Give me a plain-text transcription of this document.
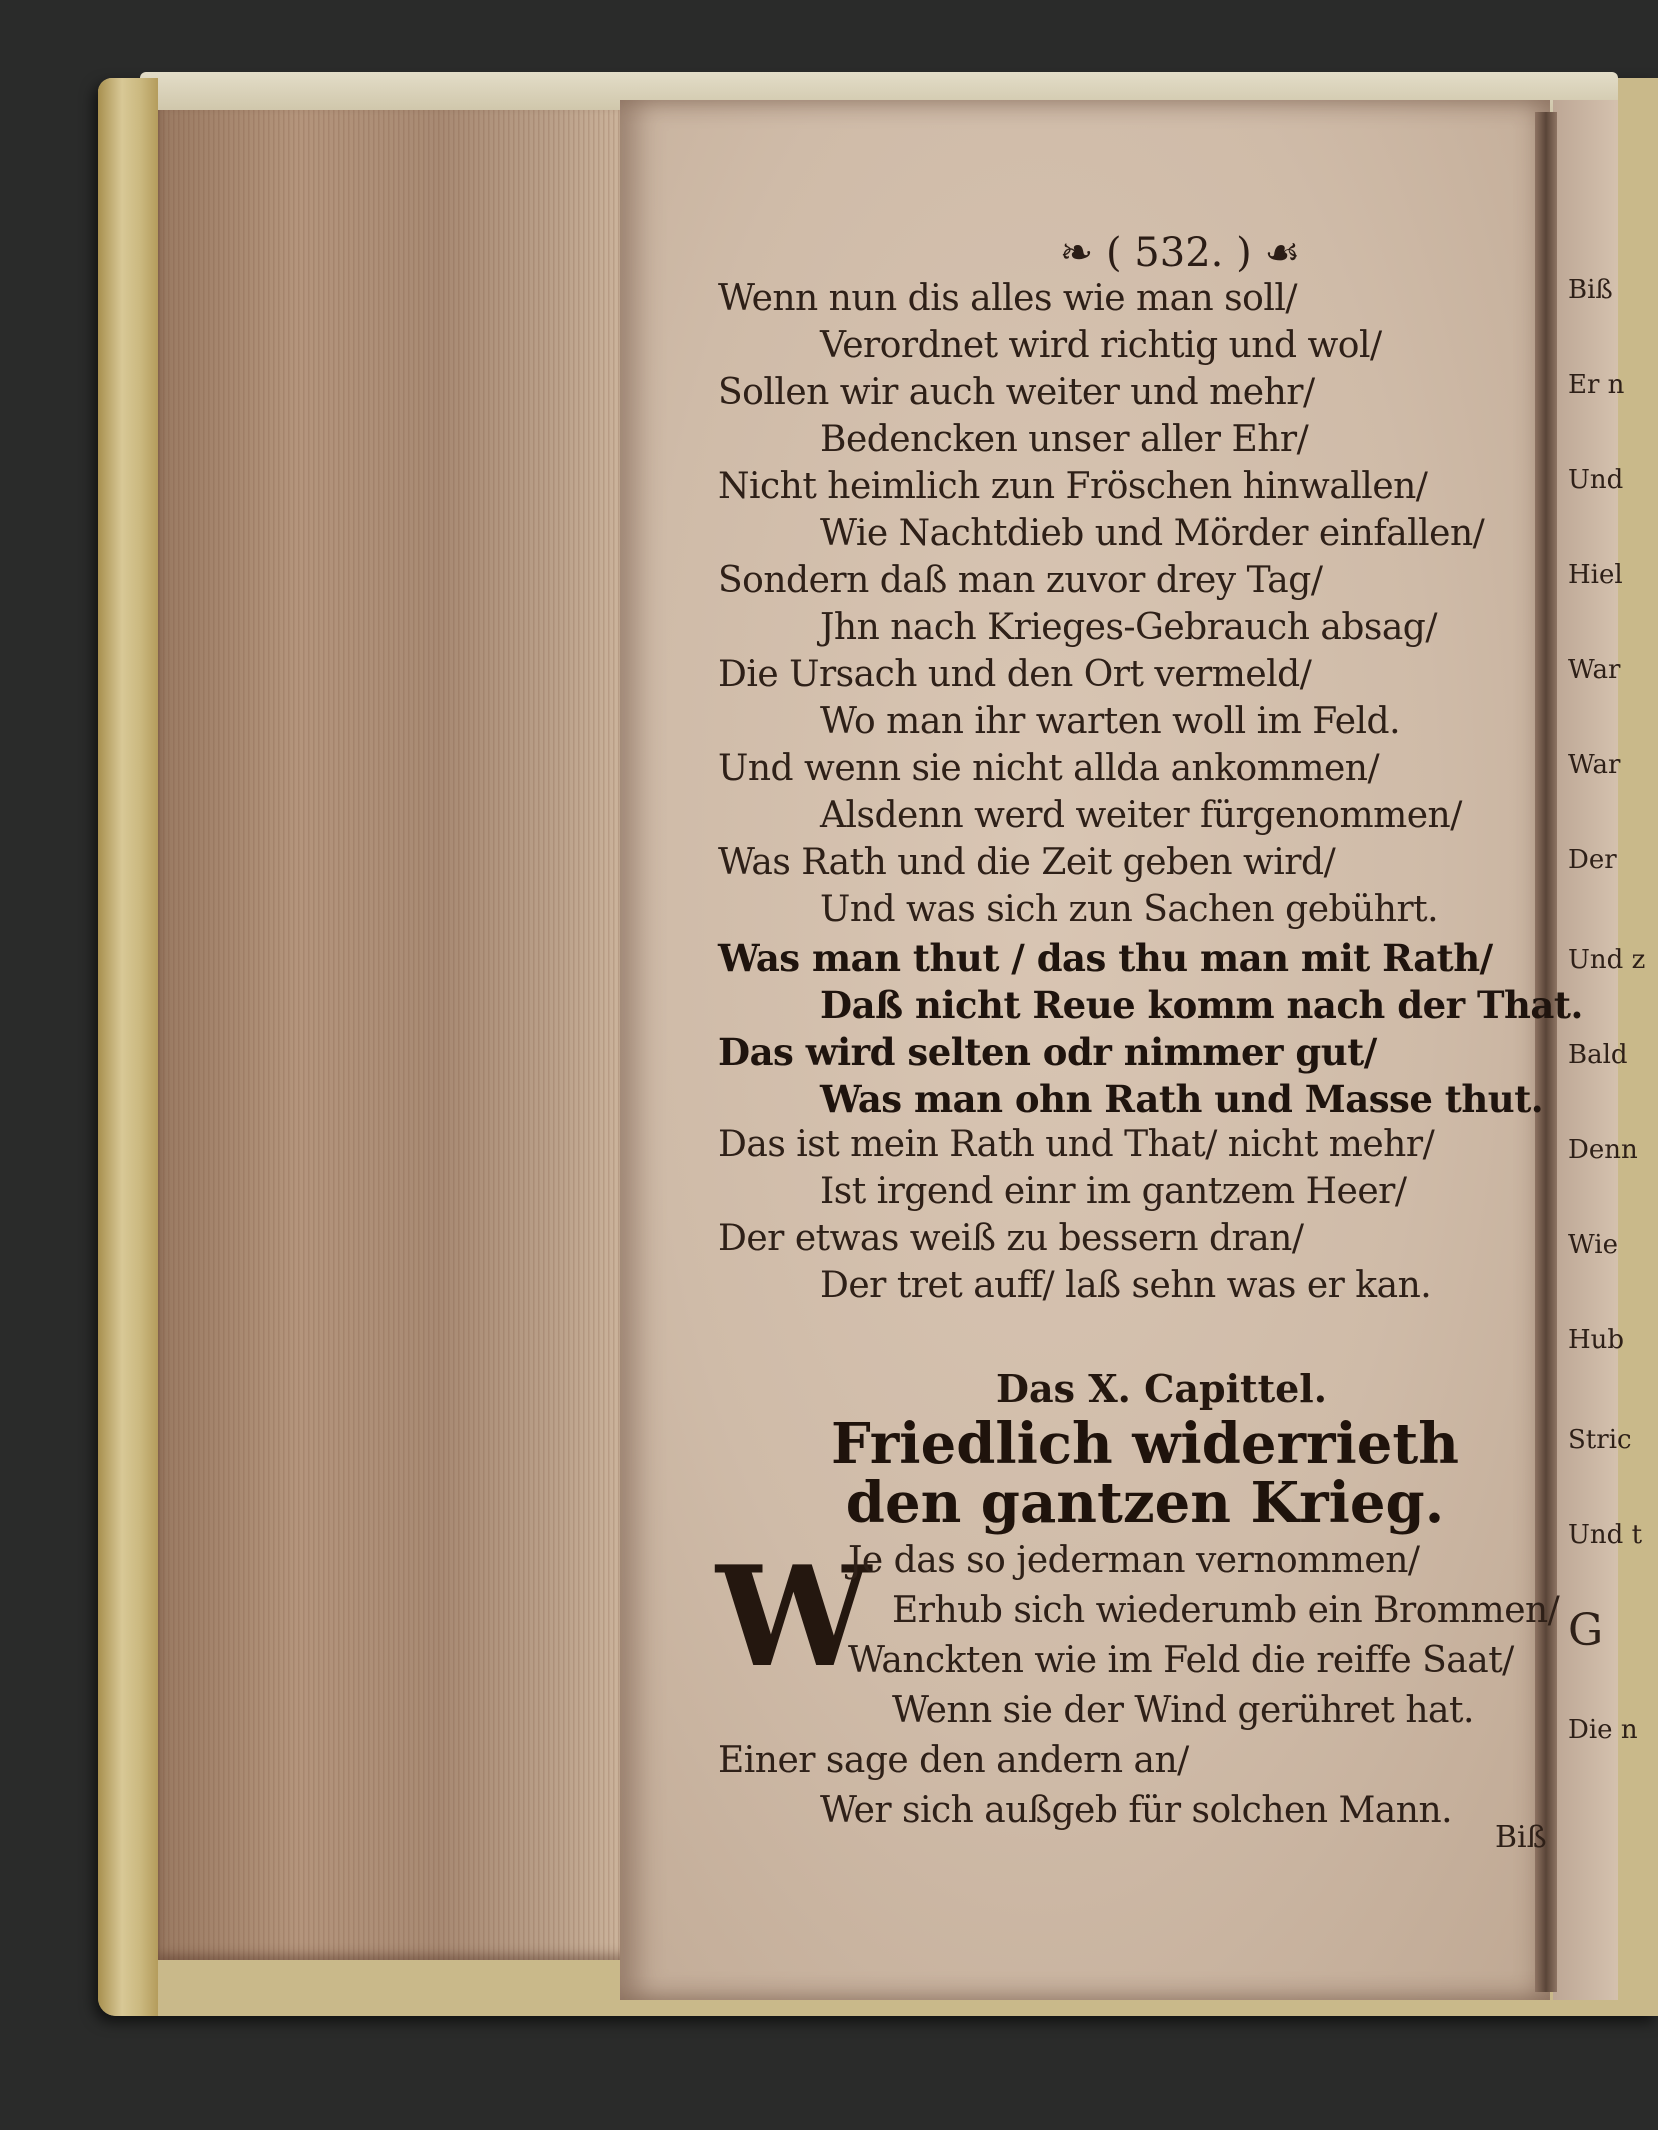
❧ ( 532. ) ☙
Wenn nun dis alles wie man soll/
Verordnet wird richtig und wol/
Sollen wir auch weiter und mehr/
Bedencken unser aller Ehr/
Nicht heimlich zun Fröschen hinwallen/
Wie Nachtdieb und Mörder einfallen/
Sondern daß man zuvor drey Tag/
Jhn nach Krieges-Gebrauch absag/
Die Ursach und den Ort vermeld/
Wo man ihr warten woll im Feld.
Und wenn sie nicht allda ankommen/
Alsdenn werd weiter fürgenommen/
Was Rath und die Zeit geben wird/
Und was sich zun Sachen gebührt.
Was man thut / das thu man mit Rath/
Daß nicht Reue komm nach der That.
Das wird selten odr nimmer gut/
Was man ohn Rath und Masse thut.
Das ist mein Rath und That/ nicht mehr/
Ist irgend einr im gantzem Heer/
Der etwas weiß zu bessern dran/
Der tret auff/ laß sehn was er kan.
Das X. Capittel.
Friedlich widerrieth den gantzen Krieg.
W
Je das so jederman vernommen/
Erhub sich wiederumb ein Brommen/
Wanckten wie im Feld die reiffe Saat/
Wenn sie der Wind gerühret hat.
Einer sage den andern an/
Wer sich außgeb für solchen Mann.
Biß
Biß
Er n
Und
Hiel
War
War
Der
Und z
Bald
Denn
Wie
Hub
Stric
Und t
G
Die n
